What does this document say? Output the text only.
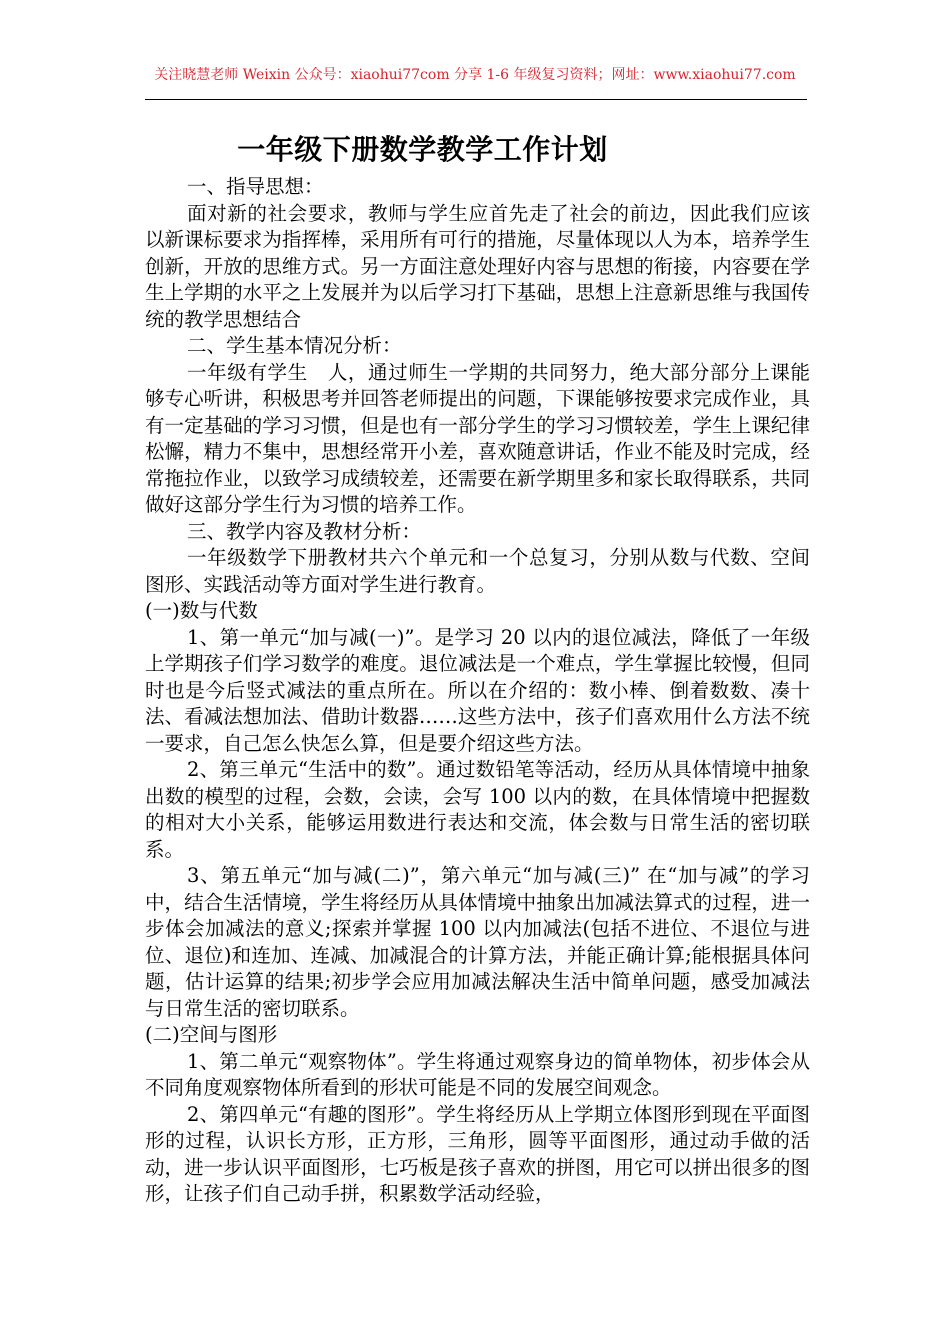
关注晓慧老师 Weixin 公众号：xiaohui77com 分享 1-6 年级复习资料；网址：www.xiaohui77.com
一年级下册数学教学工作计划

一、指导思想：

面对新的社会要求，教师与学生应首先走了社会的前边，因此我们应该以新课标要求为指挥棒，采用所有可行的措施，尽量体现以人为本，培养学生创新，开放的思维方式。另一方面注意处理好内容与思想的衔接，内容要在学生上学期的水平之上发展并为以后学习打下基础，思想上注意新思维与我国传统的教学思想结合

二、学生基本情况分析：

一年级有学生　人，通过师生一学期的共同努力，绝大部分部分上课能够专心听讲，积极思考并回答老师提出的问题，下课能够按要求完成作业，具有一定基础的学习习惯，但是也有一部分学生的学习习惯较差，学生上课纪律松懈，精力不集中，思想经常开小差，喜欢随意讲话，作业不能及时完成，经常拖拉作业，以致学习成绩较差，还需要在新学期里多和家长取得联系，共同做好这部分学生行为习惯的培养工作。

三、教学内容及教材分析：

一年级数学下册教材共六个单元和一个总复习，分别从数与代数、空间图形、实践活动等方面对学生进行教育。

(一)数与代数

1、第一单元“加与减(一)”。是学习 20 以内的退位减法，降低了一年级上学期孩子们学习数学的难度。退位减法是一个难点，学生掌握比较慢，但同时也是今后竖式减法的重点所在。所以在介绍的：数小棒、倒着数数、凑十法、看减法想加法、借助计数器……这些方法中，孩子们喜欢用什么方法不统一要求，自己怎么快怎么算，但是要介绍这些方法。

2、第三单元“生活中的数”。通过数铅笔等活动，经历从具体情境中抽象出数的模型的过程，会数，会读，会写 100 以内的数，在具体情境中把握数的相对大小关系，能够运用数进行表达和交流，体会数与日常生活的密切联系。

3、第五单元“加与减(二)”，第六单元“加与减(三)” 在“加与减”的学习中，结合生活情境，学生将经历从具体情境中抽象出加减法算式的过程，进一步体会加减法的意义;探索并掌握 100 以内加减法(包括不进位、不退位与进位、退位)和连加、连减、加减混合的计算方法，并能正确计算;能根据具体问题，估计运算的结果;初步学会应用加减法解决生活中简单问题，感受加减法与日常生活的密切联系。

(二)空间与图形

1、第二单元“观察物体”。学生将通过观察身边的简单物体，初步体会从不同角度观察物体所看到的形状可能是不同的发展空间观念。

2、第四单元“有趣的图形”。学生将经历从上学期立体图形到现在平面图形的过程，认识长方形，正方形，三角形，圆等平面图形，通过动手做的活动，进一步认识平面图形，七巧板是孩子喜欢的拼图，用它可以拼出很多的图形，让孩子们自己动手拼，积累数学活动经验，
